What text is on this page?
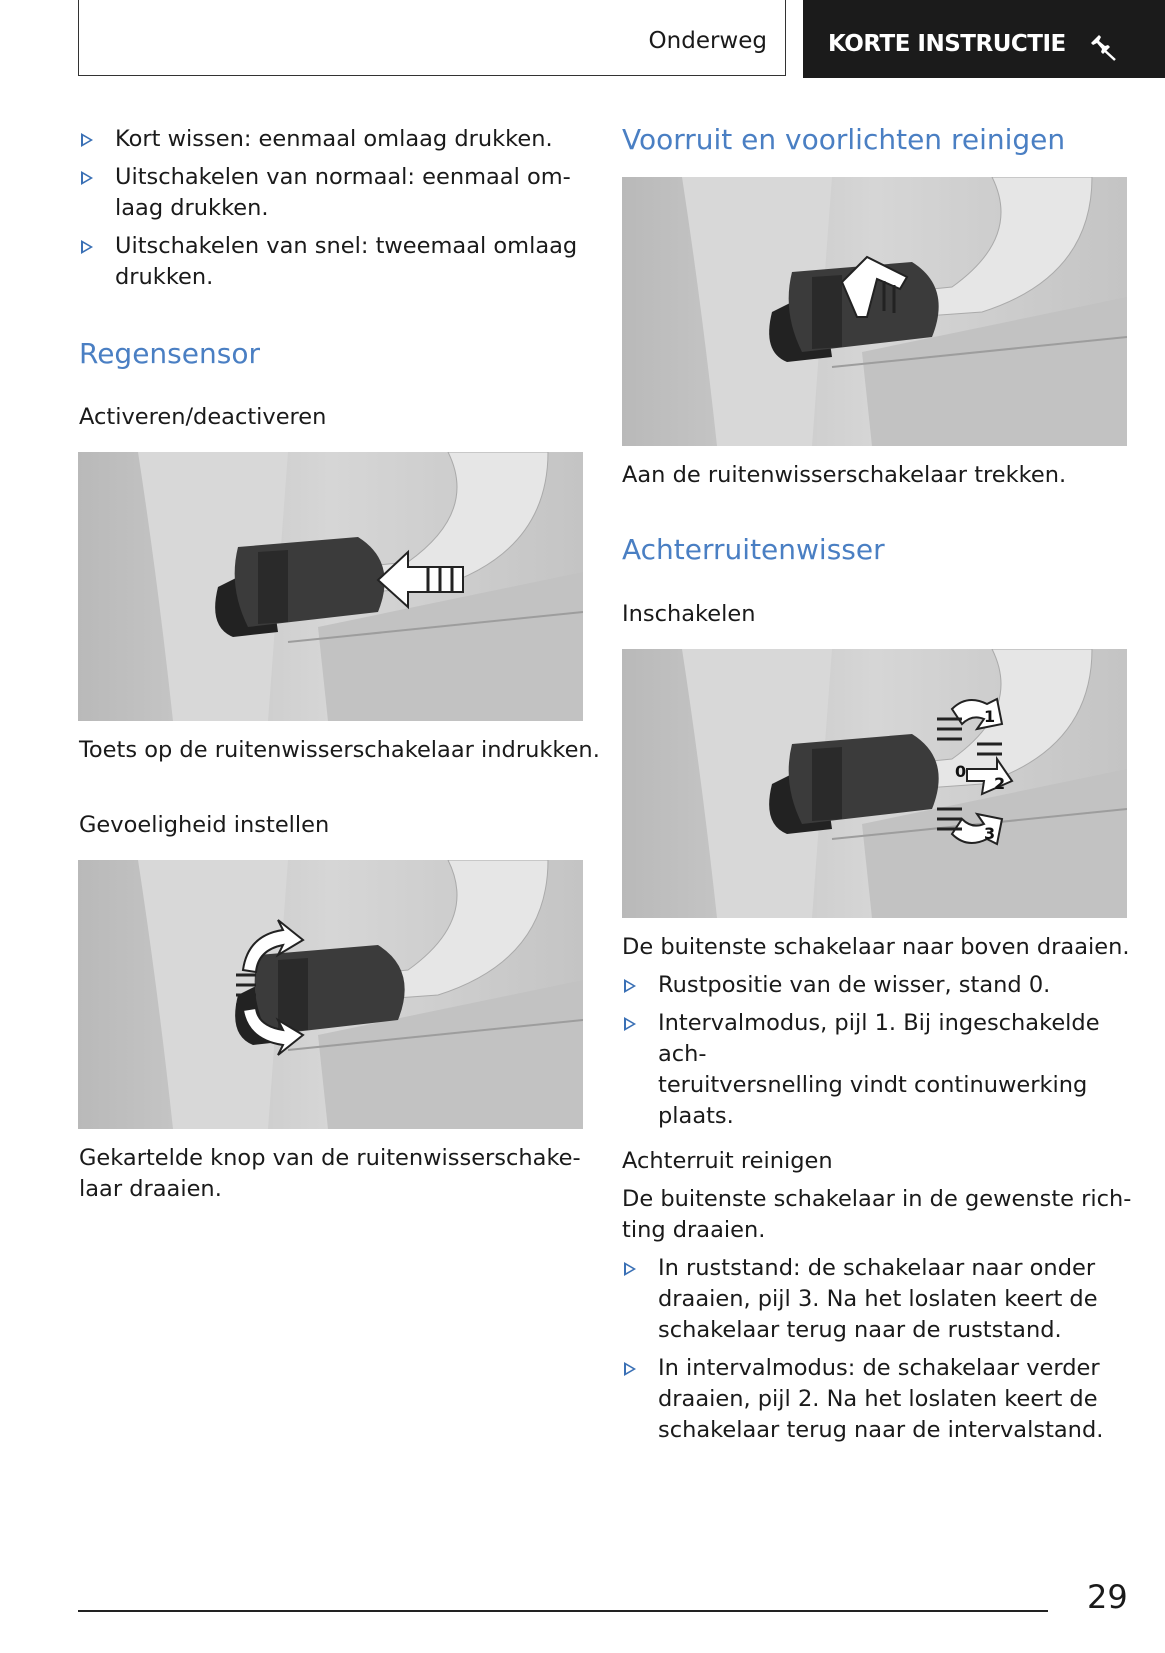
Onderweg	KORTE INSTRUCTIE
Kort wissen: eenmaal omlaag drukken.
Uitschakelen van normaal: eenmaal om-
laag drukken.
Uitschakelen van snel: tweemaal omlaag
drukken.
Regensensor
Activeren/deactiveren
Toets op de ruitenwisserschakelaar indrukken.
Gevoeligheid instellen
Gekartelde knop van de ruitenwisserschake-
laar draaien.
Voorruit en voorlichten reinigen
Aan de ruitenwisserschakelaar trekken.
Achterruitenwisser
Inschakelen
1
0
2
3
De buitenste schakelaar naar boven draaien.
Rustpositie van de wisser, stand 0.
Intervalmodus, pijl 1. Bij ingeschakelde ach-
teruitversnelling vindt continuwerking
plaats.
Achterruit reinigen
De buitenste schakelaar in de gewenste rich-
ting draaien.
In ruststand: de schakelaar naar onder
draaien, pijl 3. Na het loslaten keert de
schakelaar terug naar de ruststand.
In intervalmodus: de schakelaar verder
draaien, pijl 2. Na het loslaten keert de
schakelaar terug naar de intervalstand.
29
